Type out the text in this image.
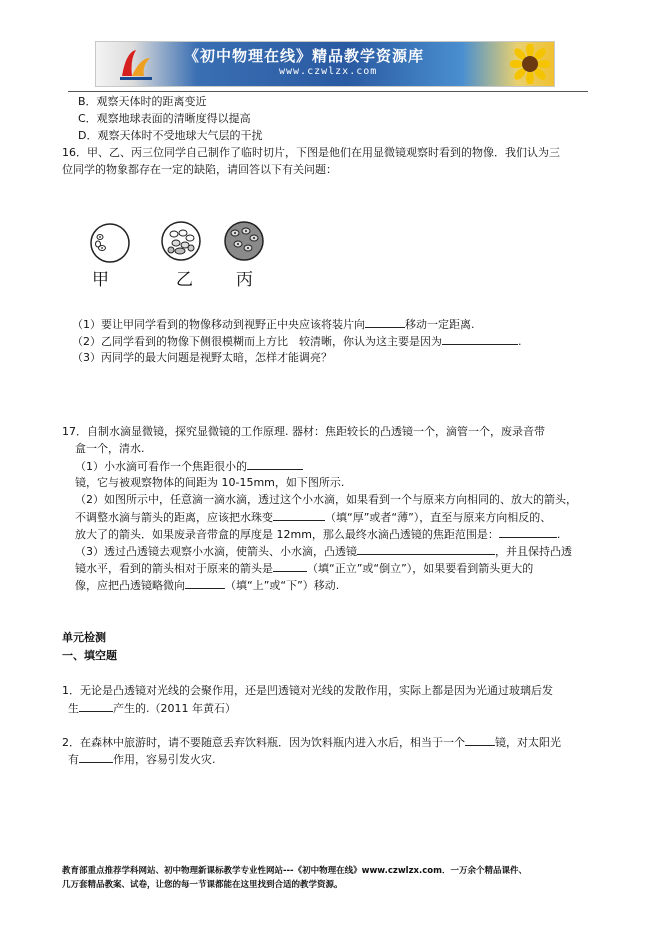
《初中物理在线》精品教学资源库
www.czwlzx.com
B．观察天体时的距离变近
C．观察地球表面的清晰度得以提高
D．观察天体时不受地球大气层的干扰
16．甲、乙、丙三位同学自己制作了临时切片，下图是他们在用显微镜观察时看到的物像．我们认为三
位同学的物象都存在一定的缺陷，请回答以下有关问题：
甲	乙	丙
（1）要让甲同学看到的物像移动到视野正中央应该将装片向	移动一定距离.
（2）乙同学看到的物像下侧很模糊而上方比　较清晰，你认为这主要是因为	.
（3）丙同学的最大问题是视野太暗，怎样才能调亮？
17．自制水滴显微镜，探究显微镜的工作原理. 器材：焦距较长的凸透镜一个，滴管一个，废录音带
盒一个，清水.
（1）小水滴可看作一个焦距很小的
镜，它与被观察物体的间距为 10-15mm，如下图所示.
（2）如图所示中，任意滴一滴水滴，透过这个小水滴，如果看到一个与原来方向相同的、放大的箭头，
不调整水滴与箭头的距离，应该把水珠变	（填“厚”或者“薄”），直至与原来方向相反的、
放大了的箭头．如果废录音带盒的厚度是 12mm，那么最终水滴凸透镜的焦距范围是：	.
（3）透过凸透镜去观察小水滴，使箭头、小水滴，凸透镜	，并且保持凸透
镜水平，看到的箭头相对于原来的箭头是	（填“正立”或“倒立”），如果要看到箭头更大的
像，应把凸透镜略微向	（填“上”或“下”）移动.
单元检测
一、填空题
1．无论是凸透镜对光线的会聚作用，还是凹透镜对光线的发散作用，实际上都是因为光通过玻璃后发
生	产生的.（2011 年黄石）
2．在森林中旅游时，请不要随意丢弃饮料瓶．因为饮料瓶内进入水后，相当于一个	镜，对太阳光
有	作用，容易引发火灾.
教育部重点推荐学科网站、初中物理新课标教学专业性网站---《初中物理在线》www.czwlzx.com．一万余个精品课件、
几万套精品教案、试卷，让您的每一节课都能在这里找到合适的教学资源。
